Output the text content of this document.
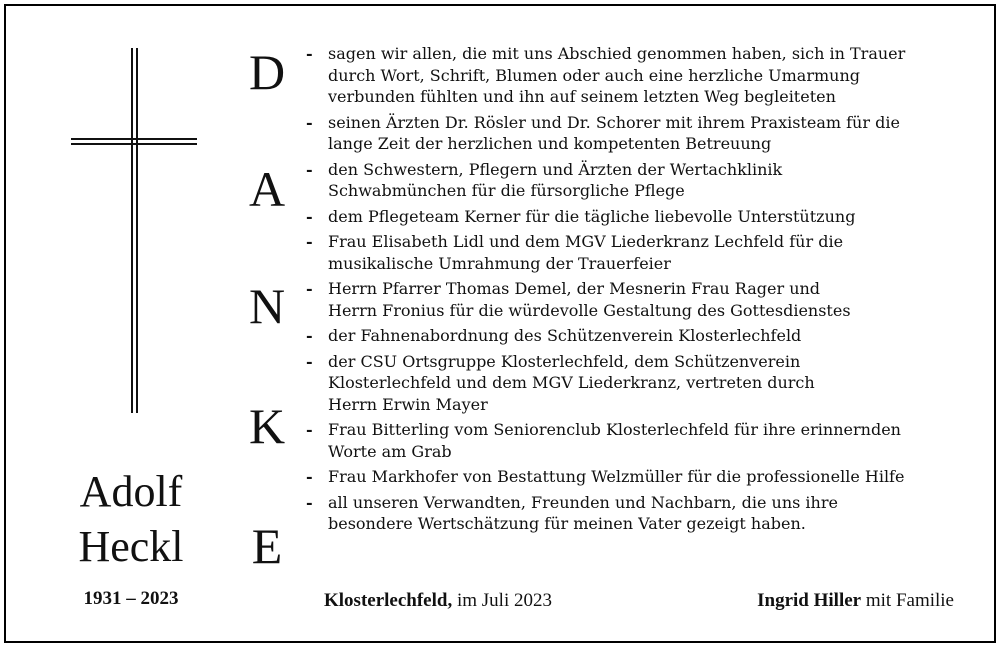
Adolf
Heckl
1931 – 2023
D
A
N
K
E
- sagen wir allen, die mit uns Abschied genommen haben, sich in Trauer
durch Wort, Schrift, Blumen oder auch eine herzliche Umarmung
verbunden fühlten und ihn auf seinem letzten Weg begleiteten
- seinen Ärzten Dr. Rösler und Dr. Schorer mit ihrem Praxisteam für die
lange Zeit der herzlichen und kompetenten Betreuung
- den Schwestern, Pflegern und Ärzten der Wertachklinik
Schwabmünchen für die fürsorgliche Pflege
- dem Pflegeteam Kerner für die tägliche liebevolle Unterstützung
- Frau Elisabeth Lidl und dem MGV Liederkranz Lechfeld für die
musikalische Umrahmung der Trauerfeier
- Herrn Pfarrer Thomas Demel, der Mesnerin Frau Rager und
Herrn Fronius für die würdevolle Gestaltung des Gottesdienstes
- der Fahnenabordnung des Schützenverein Klosterlechfeld
- der CSU Ortsgruppe Klosterlechfeld, dem Schützenverein
Klosterlechfeld und dem MGV Liederkranz, vertreten durch
Herrn Erwin Mayer
- Frau Bitterling vom Seniorenclub Klosterlechfeld für ihre erinnernden
Worte am Grab
- Frau Markhofer von Bestattung Welzmüller für die professionelle Hilfe
- all unseren Verwandten, Freunden und Nachbarn, die uns ihre
besondere Wertschätzung für meinen Vater gezeigt haben.
Klosterlechfeld, im Juli 2023	Ingrid Hiller mit Familie
